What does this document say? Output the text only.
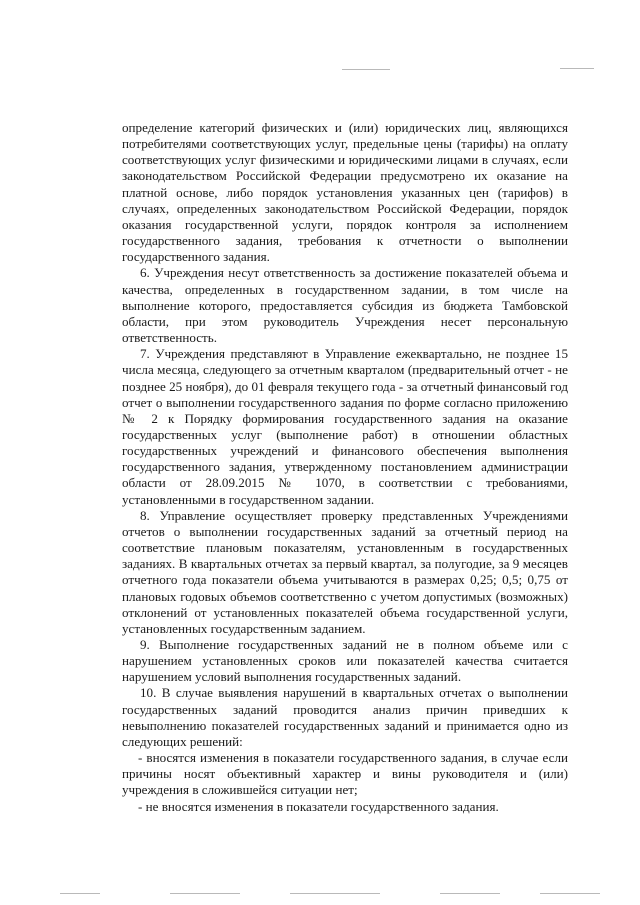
определение категорий физических и (или) юридических лиц, являющихся потребителями соответствующих услуг, предельные цены (тарифы) на оплату соответствующих услуг физическими и юридическими лицами в случаях, если законодательством Российской Федерации предусмотрено их оказание на платной основе, либо порядок установления указанных цен (тарифов) в случаях, определенных законодательством Российской Федерации, порядок оказания государственной услуги, порядок контроля за исполнением государственного задания, требования к отчетности о выполнении государственного задания.

6. Учреждения несут ответственность за достижение показателей объема и качества, определенных в государственном задании, в том числе на выполнение которого, предоставляется субсидия из бюджета Тамбовской области, при этом руководитель Учреждения несет персональную ответственность.

7. Учреждения представляют в Управление ежеквартально, не позднее 15 числа месяца, следующего за отчетным кварталом (предварительный отчет - не позднее 25 ноября), до 01 февраля текущего года - за отчетный финансовый год отчет о выполнении государственного задания по форме согласно приложению № 2 к Порядку формирования государственного задания на оказание государственных услуг (выполнение работ) в отношении областных государственных учреждений и финансового обеспечения выполнения государственного задания, утвержденному постановлением администрации области от 28.09.2015 № 1070, в соответствии с требованиями, установленными в государственном задании.

8. Управление осуществляет проверку представленных Учреждениями отчетов о выполнении государственных заданий за отчетный период на соответствие плановым показателям, установленным в государственных заданиях. В квартальных отчетах за первый квартал, за полугодие, за 9 месяцев отчетного года показатели объема учитываются в размерах 0,25; 0,5; 0,75 от плановых годовых объемов соответственно с учетом допустимых (возможных) отклонений от установленных показателей объема государственной услуги, установленных государственным заданием.

9. Выполнение государственных заданий не в полном объеме или с нарушением установленных сроков или показателей качества считается нарушением условий выполнения государственных заданий.

10. В случае выявления нарушений в квартальных отчетах о выполнении государственных заданий проводится анализ причин приведших к невыполнению показателей государственных заданий и принимается одно из следующих решений:

- вносятся изменения в показатели государственного задания, в случае если причины носят объективный характер и вины руководителя и (или) учреждения в сложившейся ситуации нет;

- не вносятся изменения в показатели государственного задания.
